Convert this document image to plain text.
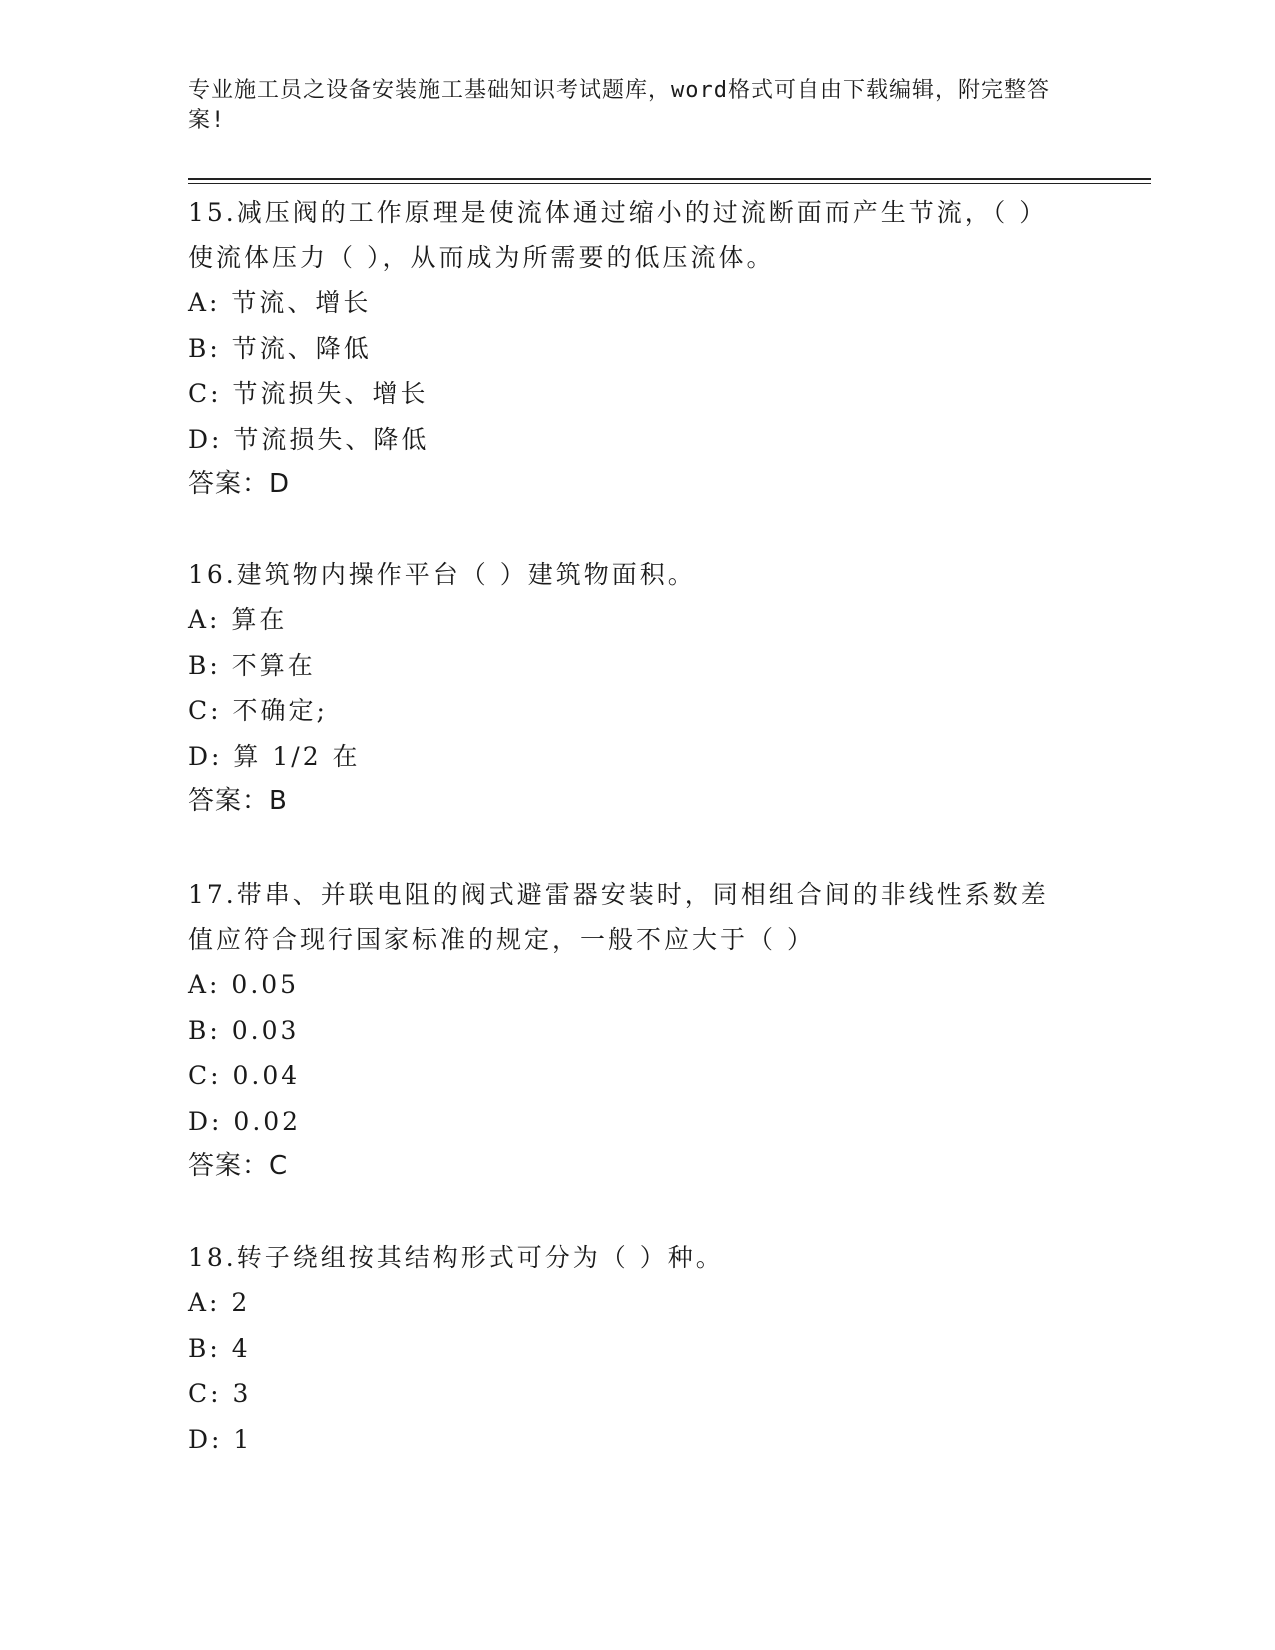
专业施工员之设备安装施工基础知识考试题库，word格式可自由下载编辑，附完整答案!
15.减压阀的工作原理是使流体通过缩小的过流断面而产生节流，（ ）使流体压力（ ），从而成为所需要的低压流体。
A: 节流、增长
B: 节流、降低
C: 节流损失、增长
D: 节流损失、降低
答案：D
16.建筑物内操作平台（ ）建筑物面积。
A: 算在
B: 不算在
C: 不确定;
D: 算 1/2 在
答案：B
17.带串、并联电阻的阀式避雷器安装时，同相组合间的非线性系数差值应符合现行国家标准的规定，一般不应大于（ ）
A: 0.05
B: 0.03
C: 0.04
D: 0.02
答案：C
18.转子绕组按其结构形式可分为（ ）种。
A: 2
B: 4
C: 3
D: 1
